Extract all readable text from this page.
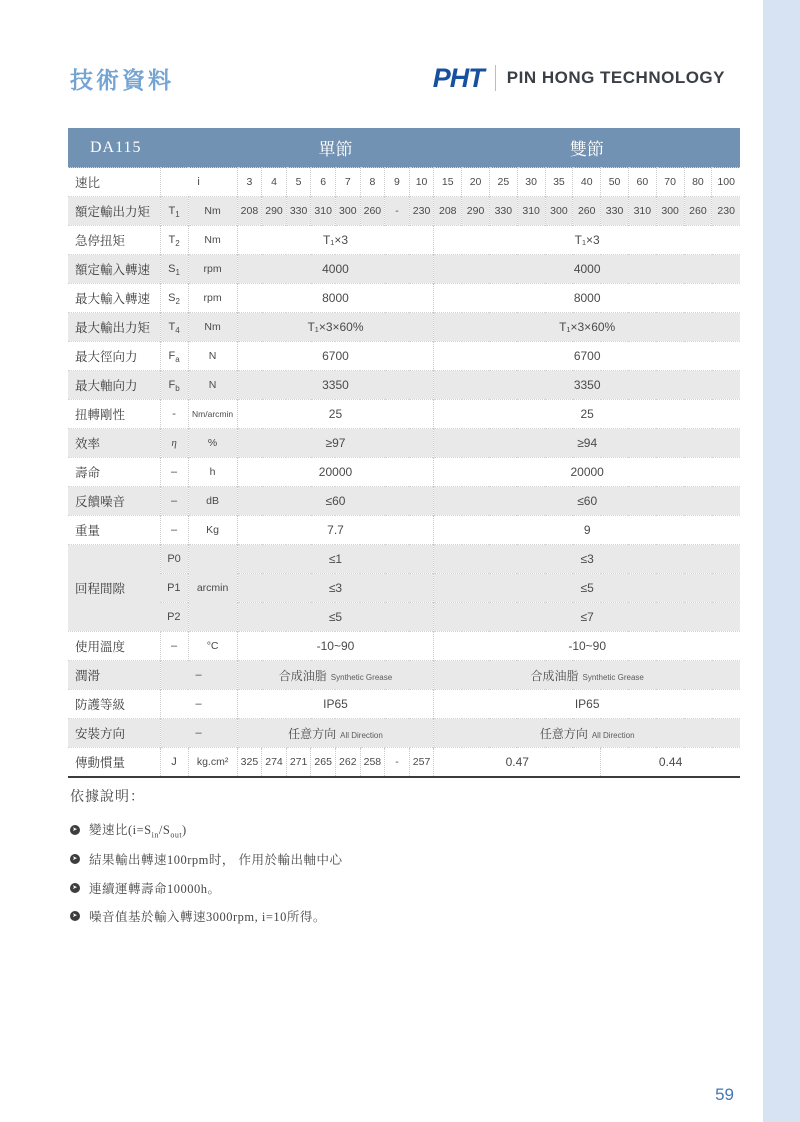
技術資料	PHT PIN HONG TECHNOLOGY
DA115			單節								雙節										
速比	i		3	4	5	6	7	8	9	10	15	20	25	30	35	40	50	60	70	80	100
額定輸出力矩	$T_1$	Nm	208	290	330	310	300	260	-	230	208	290	330	310	300	260	330	310	300	260	230
急停扭矩	$T_2$	Nm	T₁×3								T₁×3										
額定輸入轉速	$S_1$	rpm	4000								4000										
最大輸入轉速	$S_2$	rpm	8000								8000										
最大輸出力矩	$T_4$	Nm	T₁×3×60%								T₁×3×60%										
最大徑向力	$F_a$	N	6700								6700										
最大軸向力	$F_b$	N	3350								3350										
扭轉剛性	-	Nm/arcmin	25								25										
效率	η	%	≥97								≥94										
壽命	–	h	20000								20000										
反饋噪音	–	dB	≤60								≤60										
重量	–	Kg	7.7								9										
回程間隙	P0	arcmin	≤1								≤3										
	P1		≤3								≤5										
	P2		≤5								≤7										
使用溫度	–	°C	-10~90								-10~90										
潤滑	–		合成油脂 Synthetic Grease								合成油脂 Synthetic Grease										
防護等級	–		IP65								IP65										
安裝方向	–		任意方向 All Direction								任意方向 All Direction										
傳動慣量	J	kg.cm²	325	274	271	265	262	258	-	257	0.47						0.44				
依據說明：
➤ 變速比$(i=S_{in}/S_{out})$
➤ 結果輸出轉速100rpm时， 作用於輸出軸中心
➤ 連續運轉壽命10000h。
➤ 噪音值基於輸入轉速3000rpm, i=10所得。
59
